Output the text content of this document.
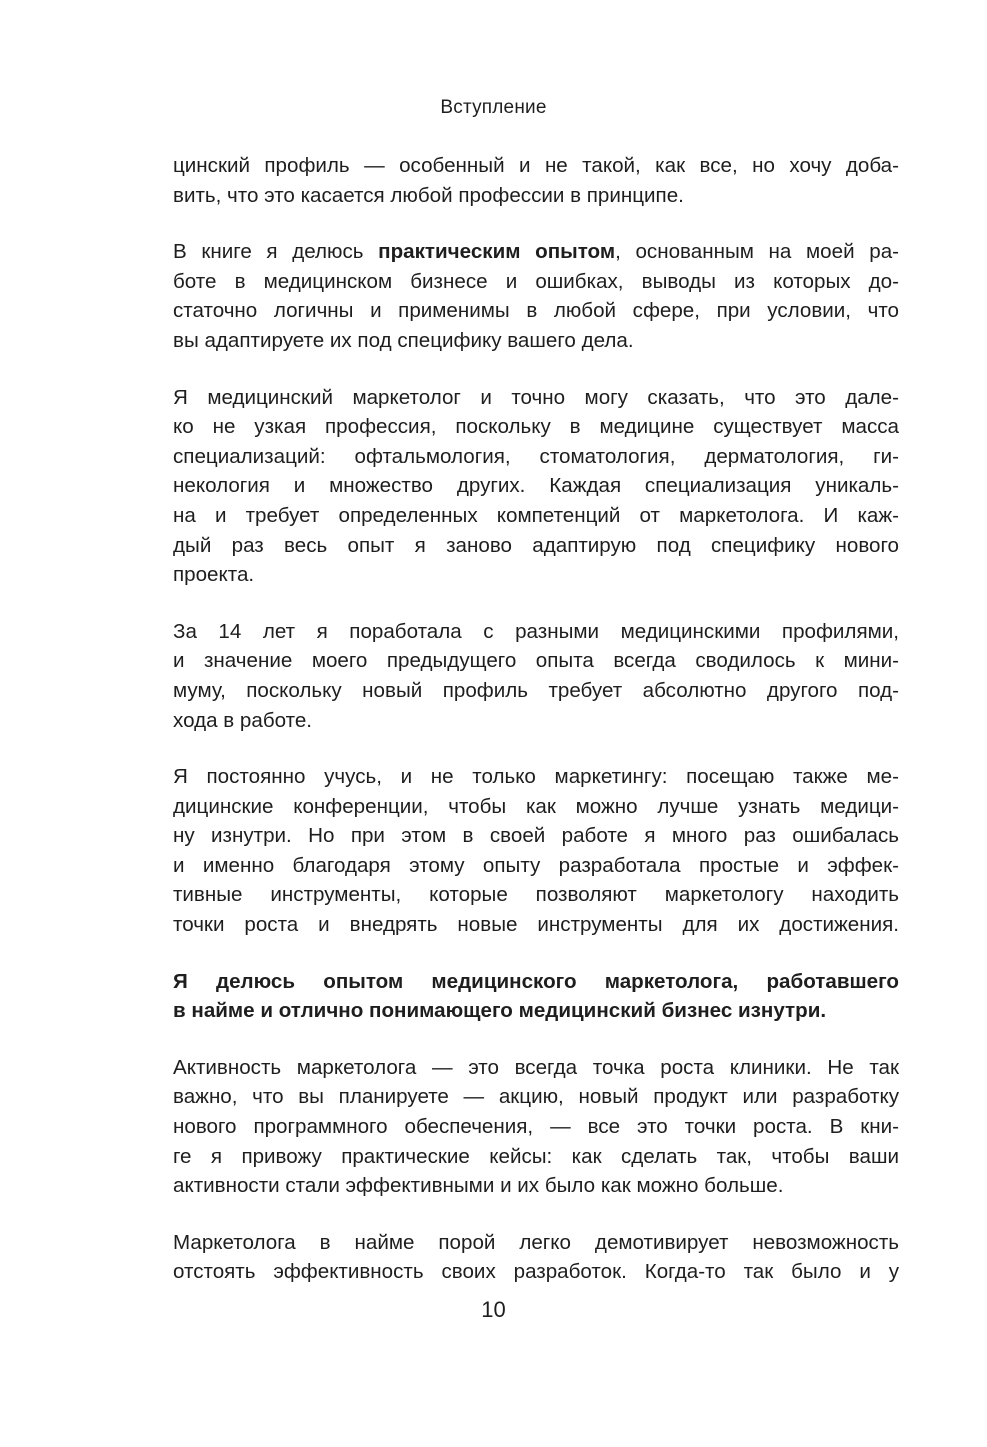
Вступление
цинский профиль — особенный и не такой, как все, но хочу доба-
вить, что это касается любой профессии в принципе.
В книге я делюсь практическим опытом, основанным на моей ра-
боте в медицинском бизнесе и ошибках, выводы из которых до-
статочно логичны и применимы в любой сфере, при условии, что
вы адаптируете их под специфику вашего дела.
Я медицинский маркетолог и точно могу сказать, что это дале-
ко не узкая профессия, поскольку в медицине существует масса
специализаций: офтальмология, стоматология, дерматология, ги-
некология и множество других. Каждая специализация уникаль-
на и требует определенных компетенций от маркетолога. И каж-
дый раз весь опыт я заново адаптирую под специфику нового
проекта.
За 14 лет я поработала с разными медицинскими профилями,
и значение моего предыдущего опыта всегда сводилось к мини-
муму, поскольку новый профиль требует абсолютно другого под-
хода в работе.
Я постоянно учусь, и не только маркетингу: посещаю также ме-
дицинские конференции, чтобы как можно лучше узнать медици-
ну изнутри. Но при этом в своей работе я много раз ошибалась
и именно благодаря этому опыту разработала простые и эффек-
тивные инструменты, которые позволяют маркетологу находить
точки роста и внедрять новые инструменты для их достижения.
Я делюсь опытом медицинского маркетолога, работавшего
в найме и отлично понимающего медицинский бизнес изнутри.
Активность маркетолога — это всегда точка роста клиники. Не так
важно, что вы планируете — акцию, новый продукт или разработку
нового программного обеспечения, — все это точки роста. В кни-
ге я привожу практические кейсы: как сделать так, чтобы ваши
активности стали эффективными и их было как можно больше.
Маркетолога в найме порой легко демотивирует невозможность
отстоять эффективность своих разработок. Когда-то так было и у
10
